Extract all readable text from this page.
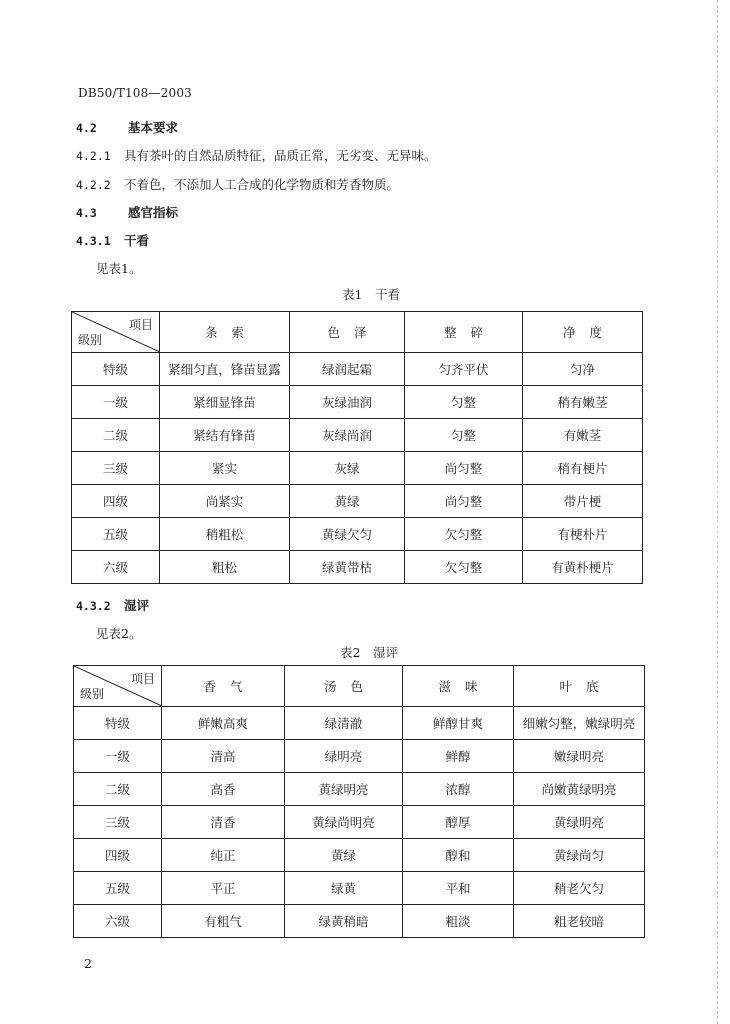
DB50/T108—2003
4.2 基本要求
4.2.1 具有茶叶的自然品质特征，品质正常，无劣变、无异味。
4.2.2 不着色，不添加人工合成的化学物质和芳香物质。
4.3 感官指标
4.3.1 干看
见表1。
表1　干看
项目
级别	条索	色泽	整碎	净度
特级	紧细匀直，锋苗显露	绿润起霜	匀齐平伏	匀净
一级	紧细显锋苗	灰绿油润	匀整	稍有嫩茎
二级	紧结有锋苗	灰绿尚润	匀整	有嫩茎
三级	紧实	灰绿	尚匀整	稍有梗片
四级	尚紧实	黄绿	尚匀整	带片梗
五级	稍粗松	黄绿欠匀	欠匀整	有梗朴片
六级	粗松	绿黄带枯	欠匀整	有黄朴梗片
4.3.2 湿评
见表2。
表2　湿评
项目
级别	香气	汤色	滋味	叶底
特级	鲜嫩高爽	绿清澈	鲜醇甘爽	细嫩匀整，嫩绿明亮
一级	清高	绿明亮	鲜醇	嫩绿明亮
二级	高香	黄绿明亮	浓醇	尚嫩黄绿明亮
三级	清香	黄绿尚明亮	醇厚	黄绿明亮
四级	纯正	黄绿	醇和	黄绿尚匀
五级	平正	绿黄	平和	稍老欠匀
六级	有粗气	绿黄稍暗	粗淡	粗老较暗
2
